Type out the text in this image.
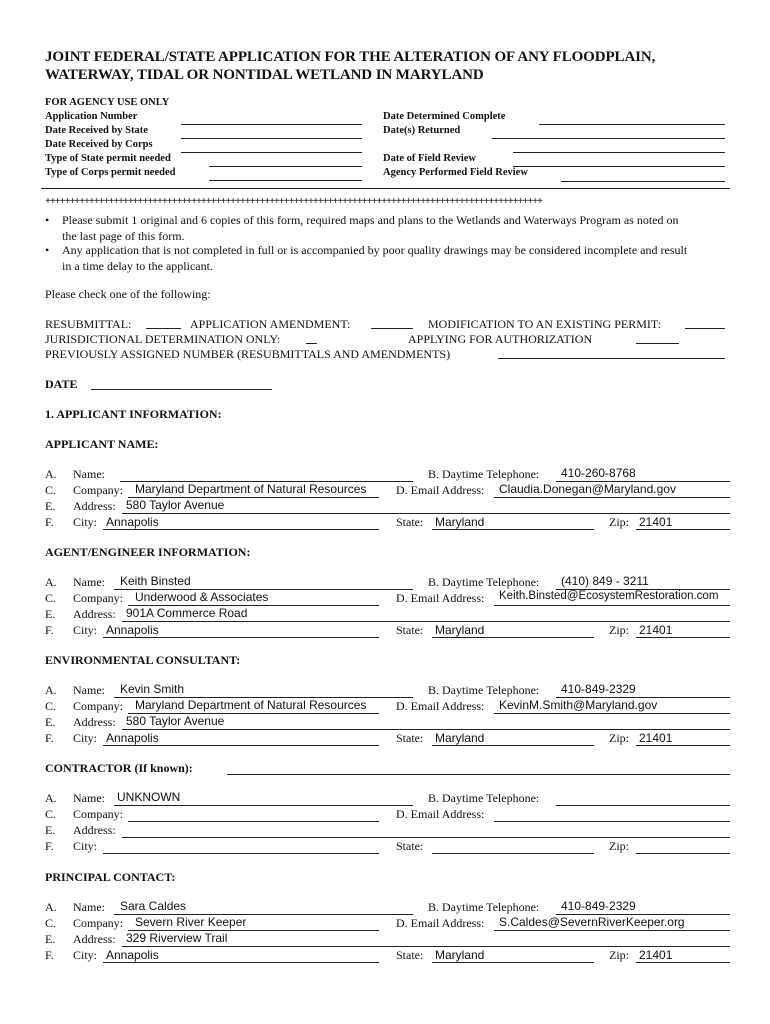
JOINT FEDERAL/STATE APPLICATION FOR THE ALTERATION OF ANY FLOODPLAIN,
WATERWAY, TIDAL OR NONTIDAL WETLAND IN MARYLAND
FOR AGENCY USE ONLY
Application Number
Date Received by State
Date Received by Corps
Type of State permit needed
Type of Corps permit needed
Date Determined Complete
Date(s) Returned
Date of Field Review
Agency Performed Field Review
++++++++++++++++++++++++++++++++++++++++++++++++++++++++++++++++++++++++++++++++++++++++++++++++++++++
• Please submit 1 original and 6 copies of this form, required maps and plans to the Wetlands and Waterways Program as noted on
the last page of this form.
• Any application that is not completed in full or is accompanied by poor quality drawings may be considered incomplete and result
in a time delay to the applicant.
Please check one of the following:
RESUBMITTAL:	APPLICATION AMENDMENT:	MODIFICATION TO AN EXISTING PERMIT:
JURISDICTIONAL DETERMINATION ONLY:	APPLYING FOR AUTHORIZATION
PREVIOUSLY ASSIGNED NUMBER (RESUBMITTALS AND AMENDMENTS)
DATE
1. APPLICANT INFORMATION:
APPLICANT NAME:
A. Name:	B. Daytime Telephone: 410-260-8768
C. Company: Maryland Department of Natural Resources D. Email Address: Claudia.Donegan@Maryland.gov
E. Address: 580 Taylor Avenue
F. City: Annapolis	State: Maryland	Zip: 21401
AGENT/ENGINEER INFORMATION:
A. Name: Keith Binsted	B. Daytime Telephone: (410) 849 - 3211
C. Company: Underwood & Associates	D. Email Address: Keith.Binsted@EcosystemRestoration.com
E. Address: 901A Commerce Road
F. City: Annapolis	State: Maryland	Zip: 21401
ENVIRONMENTAL CONSULTANT:
A. Name: Kevin Smith	B. Daytime Telephone: 410-849-2329
C. Company: Maryland Department of Natural Resources D. Email Address: KevinM.Smith@Maryland.gov
E. Address: 580 Taylor Avenue
F. City: Annapolis	State: Maryland	Zip: 21401
CONTRACTOR (If known):
A. Name: UNKNOWN	B. Daytime Telephone:
C. Company:	D. Email Address:
E. Address:
F. City:	State:	Zip:
PRINCIPAL CONTACT:
A. Name: Sara Caldes	B. Daytime Telephone: 410-849-2329
C. Company: Severn River Keeper	D. Email Address: S.Caldes@SevernRiverKeeper.org
E. Address: 329 Riverview Trail
F. City: Annapolis	State: Maryland	Zip: 21401
